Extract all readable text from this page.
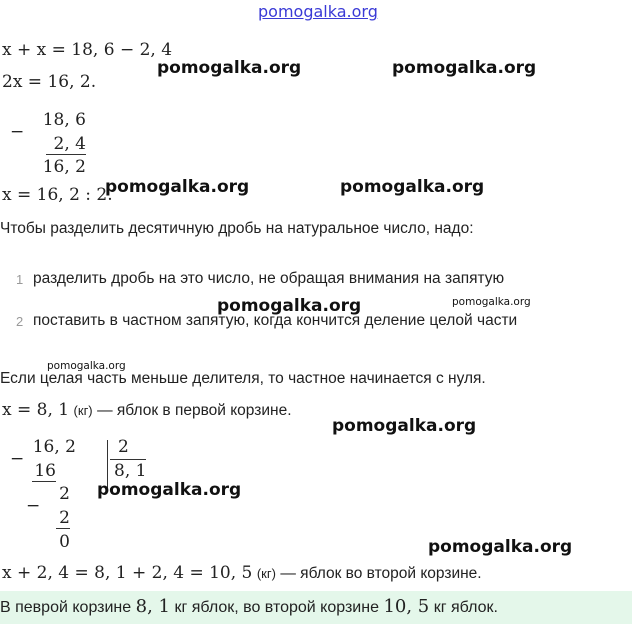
pomogalka.org
x + x = 18, 6 − 2, 4
pomogalka.org	pomogalka.org
2x = 16, 2.
−
18, 6
2, 4
16, 2
x = 16, 2 : 2.
pomogalka.org	pomogalka.org
Чтобы разделить десятичную дробь на натуральное число, надо:
1 разделить дробь на это число, не обращая внимания на запятую
pomogalka.org	pomogalka.org
2 поставить в частном запятую, когда кончится деление целой части
pomogalka.org
Если целая часть меньше делителя, то частное начинается с нуля.
x = 8, 1 (кг) — яблок в первой корзине.
pomogalka.org
−
16, 2
16
2
8, 1
pomogalka.org
−
2
2
0	pomogalka.org
x + 2, 4 = 8, 1 + 2, 4 = 10, 5 (кг) — яблок во второй корзине.
В певрой корзине 8, 1 кг яблок, во второй корзине 10, 5 кг яблок.
